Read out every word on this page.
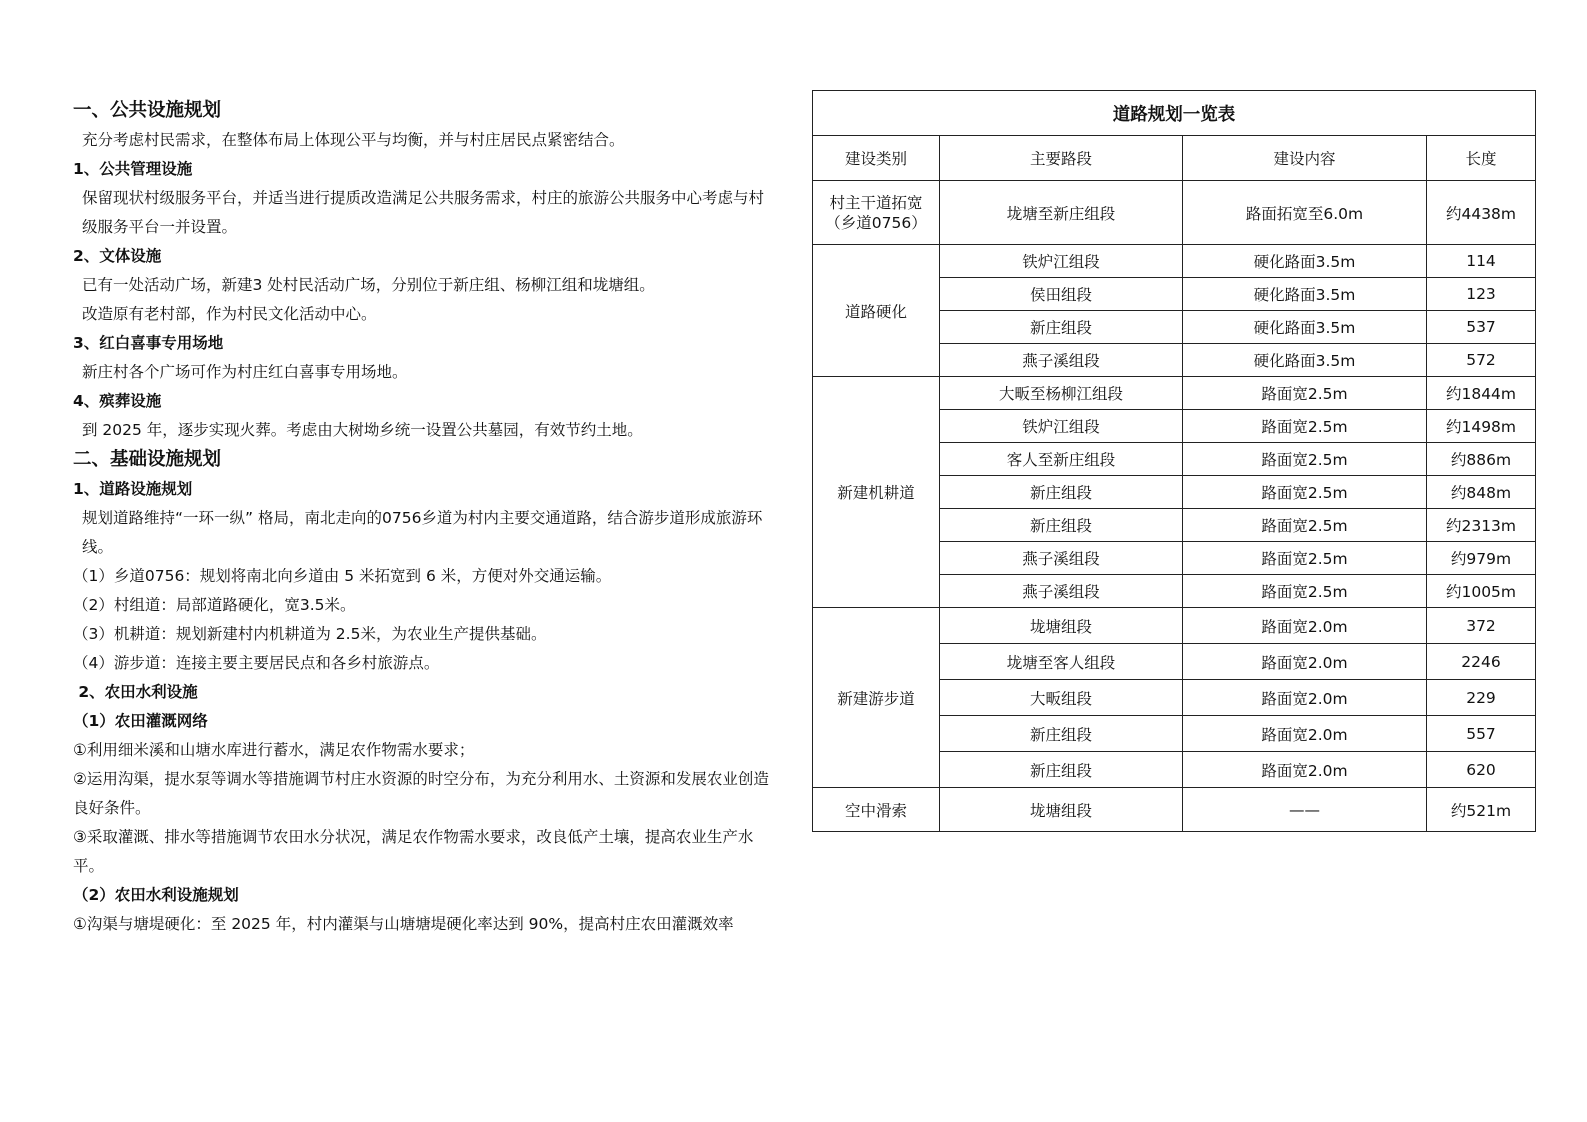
一、公共设施规划

充分考虑村民需求，在整体布局上体现公平与均衡，并与村庄居民点紧密结合。

1、公共管理设施

保留现状村级服务平台，并适当进行提质改造满足公共服务需求，村庄的旅游公共服务中心考虑与村级服务平台一并设置。

2、文体设施

已有一处活动广场，新建3 处村民活动广场，分别位于新庄组、杨柳江组和垅塘组。

改造原有老村部，作为村民文化活动中心。

3、红白喜事专用场地

新庄村各个广场可作为村庄红白喜事专用场地。

4、殡葬设施

到 2025 年，逐步实现火葬。考虑由大树坳乡统一设置公共墓园，有效节约土地。

二、基础设施规划
1、道路设施规划

规划道路维持“一环一纵” 格局，南北走向的0756乡道为村内主要交通道路，结合游步道形成旅游环线。

（1）乡道0756：规划将南北向乡道由 5 米拓宽到 6 米，方便对外交通运输。

（2）村组道：局部道路硬化，宽3.5米。

（3）机耕道：规划新建村内机耕道为 2.5米，为农业生产提供基础。

（4）游步道：连接主要主要居民点和各乡村旅游点。

2、农田水利设施
（1）农田灌溉网络

①利用细米溪和山塘水库进行蓄水，满足农作物需水要求；

②运用沟渠，提水泵等调水等措施调节村庄水资源的时空分布，为充分利用水、土资源和发展农业创造良好条件。

③采取灌溉、排水等措施调节农田水分状况，满足农作物需水要求，改良低产土壤，提高农业生产水平。

（2）农田水利设施规划

①沟渠与塘堤硬化：至 2025 年，村内灌渠与山塘塘堤硬化率达到 90%，提高村庄农田灌溉效率

道路规划一览表			
建设类别	主要路段	建设内容	长度
村主干道拓宽（乡道0756）	垅塘至新庄组段	路面拓宽至6.0m	约4438m
道路硬化	铁炉江组段	硬化路面3.5m	114
	侯田组段	硬化路面3.5m	123
	新庄组段	硬化路面3.5m	537
	燕子溪组段	硬化路面3.5m	572
新建机耕道	大畈至杨柳江组段	路面宽2.5m	约1844m
	铁炉江组段	路面宽2.5m	约1498m
	客人至新庄组段	路面宽2.5m	约886m
	新庄组段	路面宽2.5m	约848m
	新庄组段	路面宽2.5m	约2313m
	燕子溪组段	路面宽2.5m	约979m
	燕子溪组段	路面宽2.5m	约1005m
新建游步道	垅塘组段	路面宽2.0m	372
	垅塘至客人组段	路面宽2.0m	2246
	大畈组段	路面宽2.0m	229
	新庄组段	路面宽2.0m	557
	新庄组段	路面宽2.0m	620
空中滑索	垅塘组段	——	约521m
